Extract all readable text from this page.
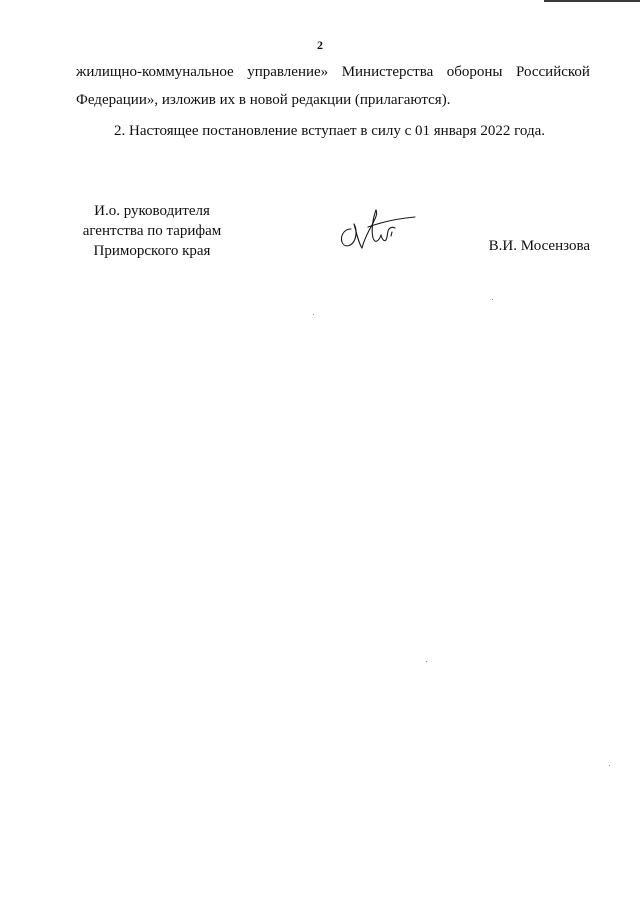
2
жилищно-коммунальное управление» Министерства обороны Российской
Федерации», изложив их в новой редакции (прилагаются).
2. Настоящее постановление вступает в силу с 01 января 2022 года.
И.о. руководителя
агентства по тарифам
Приморского края	В.И. Мосензова
